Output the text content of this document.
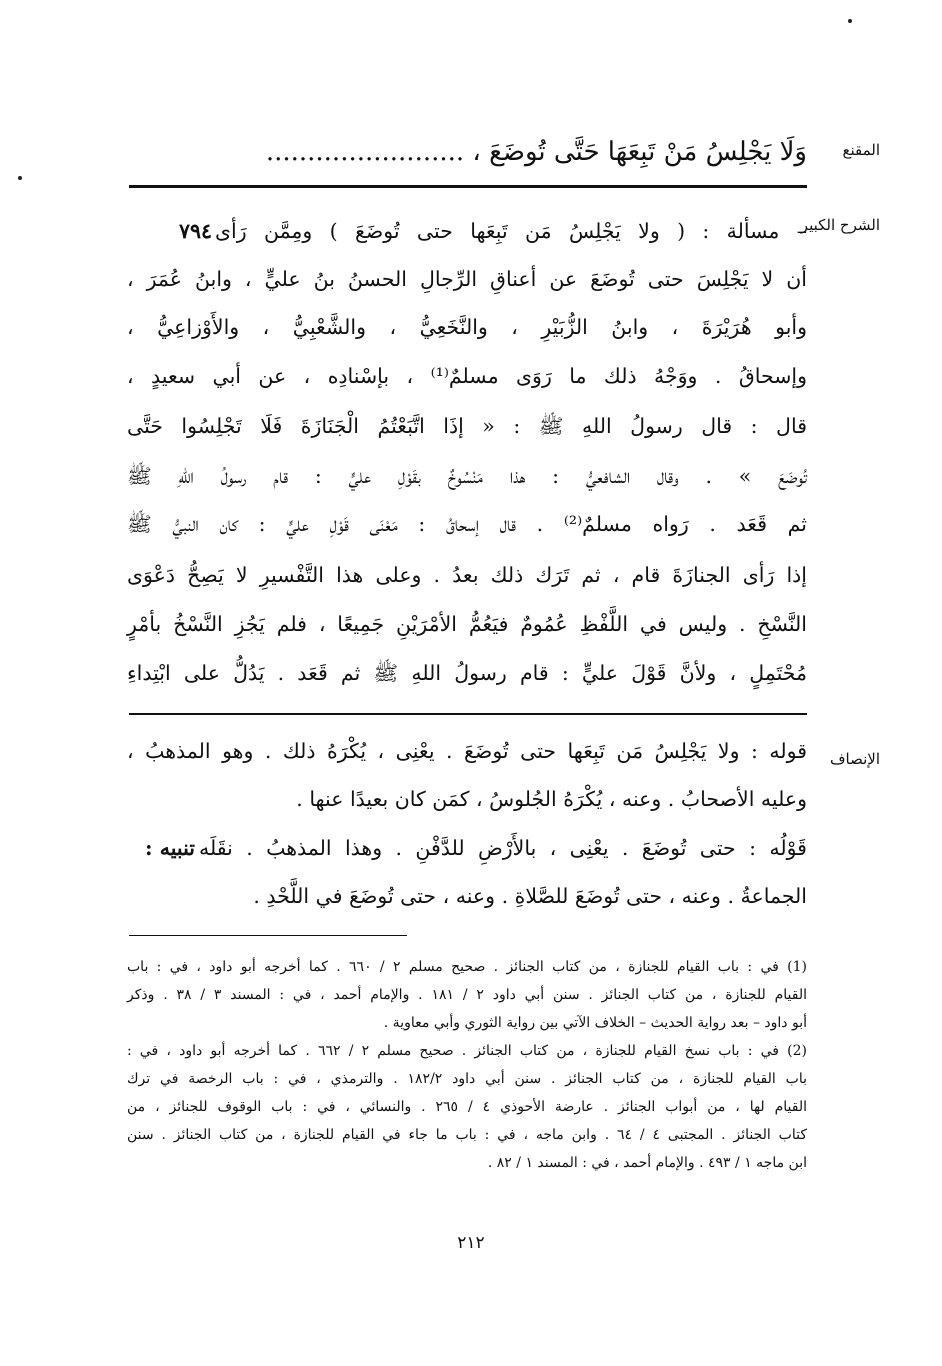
المقنع
وَلَا يَجْلِسُ مَنْ تَبِعَهَا حَتَّى تُوضَعَ ، ........................
الشرح الكبير
– مسألة : ( ولا يَجْلِسُ مَن تَبِعَها حتى تُوضَعَ ) ومِمَّن رَأى
٧٩٤
أن لا يَجْلِسَ حتى تُوضَعَ عن أعناقِ الرِّجالِ الحسنُ بنُ عليٍّ ، وابنُ عُمَرَ ،
وأبو هُرَيْرَةَ ، وابنُ الزُّبَيْرِ ، والنَّخَعِيُّ ، والشَّعْبِيُّ ، والأَوْزاعِيُّ ،
وإسحاقُ . ووَجْهُ ذلك ما رَوَى مسلمٌ⁽¹⁾ ، بإسْنادِه ، عن أبي سعيدٍ ،
قال : قال رسولُ اللهِ ﷺ : « إذَا اتَّبَعْتُمُ الْجَنَازَةَ فَلَا تَجْلِسُوا حَتَّى
تُوضَعَ » . وقال الشافعيُّ : هذا مَنْسُوخٌ بقَوْلِ عليٍّ : قام رسولُ اللهِ ﷺ
ثم قَعَد . رَواه مسلمٌ⁽²⁾ . قال إسحاقُ : مَعْنَى قَوْلِ عليٍّ : كان النبيُّ ﷺ
إذا رَأى الجنازَةَ قام ، ثم تَرَك ذلك بعدُ . وعلى هذا التَّفْسيرِ لا يَصِحُّ دَعْوَى
النَّسْخِ . وليس في اللَّفْظِ عُمُومٌ فيَعُمُّ الأمْرَيْنِ جَمِيعًا ، فلم يَجُزِ النَّسْخُ بأمْرٍ
مُحْتَمِلٍ ، ولأنَّ قَوْلَ عليٍّ : قام رسولُ اللهِ ﷺ ثم قَعَد . يَدُلُّ على ابْتِداءِ
الإنصاف
قوله : ولا يَجْلِسُ مَن تَبِعَها حتى تُوضَعَ . يعْنِى ، يُكْرَهُ ذلك . وهو المذهبُ ،
وعليه الأصحابُ . وعنه ، يُكْرَهُ الجُلوسُ ، كمَن كان بعيدًا عنها .
قَوْلُه : حتى تُوضَعَ . يعْنِى ، بالأَرْضِ للدَّفْنِ . وهذا المذهبُ . نقَلَه
تنبيه :
الجماعةُ . وعنه ، حتى تُوضَعَ للصَّلاةِ . وعنه ، حتى تُوضَعَ في اللَّحْدِ .
(1) في : باب القيام للجنازة ، من كتاب الجنائز . صحيح مسلم ٢ / ٦٦٠ . كما أخرجه أبو داود ، في : باب
القيام للجنازة ، من كتاب الجنائز . سنن أبي داود ٢ / ١٨١ . والإمام أحمد ، في : المسند ٣ / ٣٨ . وذكر
أبو داود – بعد رواية الحديث – الخلاف الآتي بين رواية الثوري وأبي معاوية .
(2) في : باب نسخ القيام للجنازة ، من كتاب الجنائز . صحيح مسلم ٢ / ٦٦٢ . كما أخرجه أبو داود ، في :
باب القيام للجنازة ، من كتاب الجنائز . سنن أبي داود ١٨٢/٢ . والترمذي ، في : باب الرخصة في ترك
القيام لها ، من أبواب الجنائز . عارضة الأحوذي ٤ / ٢٦٥ . والنسائي ، في : باب الوقوف للجنائز ، من
كتاب الجنائز . المجتبى ٤ / ٦٤ . وابن ماجه ، في : باب ما جاء في القيام للجنازة ، من كتاب الجنائز . سنن
ابن ماجه ١ / ٤٩٣ . والإمام أحمد ، في : المسند ١ / ٨٢ .
٢١٢
